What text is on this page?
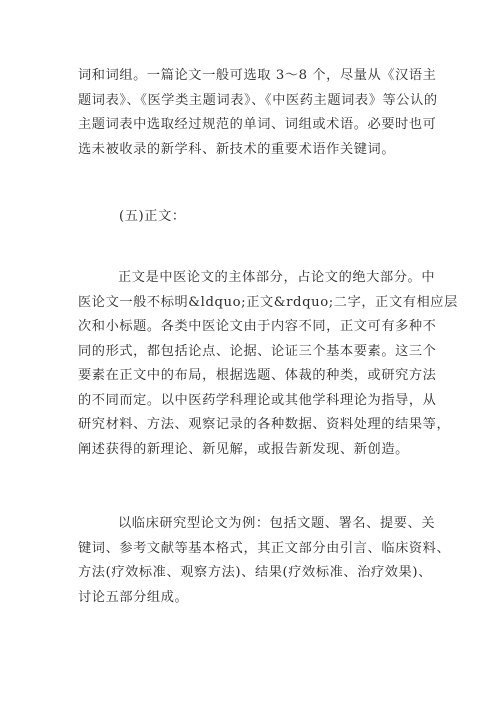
词和词组。一篇论文一般可选取 3～8 个，尽量从《汉语主
题词表》、《医学类主题词表》、《中医药主题词表》等公认的
主题词表中选取经过规范的单词、词组或术语。必要时也可
选未被收录的新学科、新技术的重要术语作关键词。
(五)正文：
正文是中医论文的主体部分，占论文的绝大部分。中
医论文一般不标明&ldquo;正文&rdquo;二字，正文有相应层
次和小标题。各类中医论文由于内容不同，正文可有多种不
同的形式，都包括论点、论据、论证三个基本要素。这三个
要素在正文中的布局，根据选题、体裁的种类，或研究方法
的不同而定。以中医药学科理论或其他学科理论为指导，从
研究材料、方法、观察记录的各种数据、资料处理的结果等，
阐述获得的新理论、新见解，或报告新发现、新创造。
以临床研究型论文为例：包括文题、署名、提要、关
键词、参考文献等基本格式，其正文部分由引言、临床资料、
方法(疗效标准、观察方法)、结果(疗效标准、治疗效果)、
讨论五部分组成。
